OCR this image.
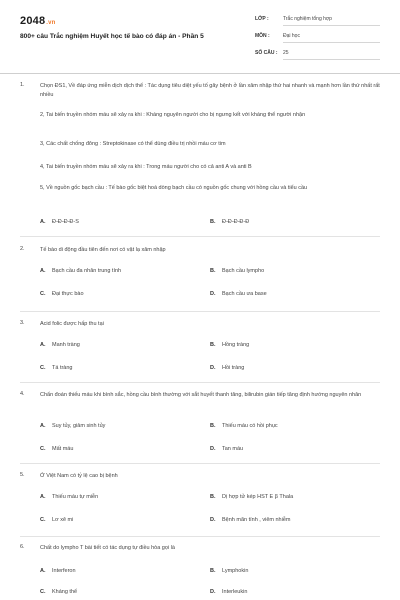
2048.vn
800+ câu Trắc nghiệm Huyết học tế bào có đáp án - Phần 5
LỚP :	Trắc nghiệm tổng hợp
MÔN :	Đại học
SỐ CÂU : 25
1.	Chọn ĐS1, Về đáp ứng miễn dịch dịch thể : Tác dụng tiêu diệt yếu tố gây bệnh ở lần xâm nhập thứ hai nhanh và mạnh hơn lần thứ nhất rất nhiều
2, Tai biến truyền nhóm máu sẽ xảy ra khi : Kháng nguyên người cho bị ngưng kết với kháng thể người nhận
3, Các chất chống đông : Streptokinase có thể dùng điều trị nhồi máu cơ tim
4, Tai biến truyền nhóm máu sẽ xảy ra khi : Trong máu người cho có cả anti A và anti B
5, Về nguồn gốc bạch cầu : Tế bào gốc biệt hoá dòng bạch cầu có nguồn gốc chung với hồng cầu và tiểu cầu
A. Đ-Đ-Đ-Đ-S	B. Đ-Đ-Đ-Đ-Đ
2.	Tế bào di động đầu tiên đến nơi có vật lạ xâm nhập
A. Bạch cầu đa nhân trung tính	B. Bạch cầu lympho
C. Đại thực bào	D. Bạch cầu ưa base
3.	Acid folic được hấp thu tại
A. Manh tràng	B. Hồng tràng
C. Tá tràng	D. Hồi tràng
4.	Chẩn đoán thiếu máu khi bình sắc, hồng cầu bình thường với sắt huyết thanh tăng, bilirubin gián tiếp tăng định hướng nguyên nhân
A. Suy tủy, giảm sinh tủy	B. Thiếu máu có hồi phục
C. Mất máu	D. Tan máu
5.	Ở Việt Nam có tỷ lệ cao bị bệnh
A. Thiếu máu tự miễn	B. Dị hợp tử kép HST E β Thala
C. Lơ xê mi	D. Bệnh mãn tính , viêm nhiễm
6.	Chất do lympho T bài tiết có tác dụng tự điều hòa gọi là
A. Interferon	B. Lymphokin
C. Kháng thể	D. Interleukin
